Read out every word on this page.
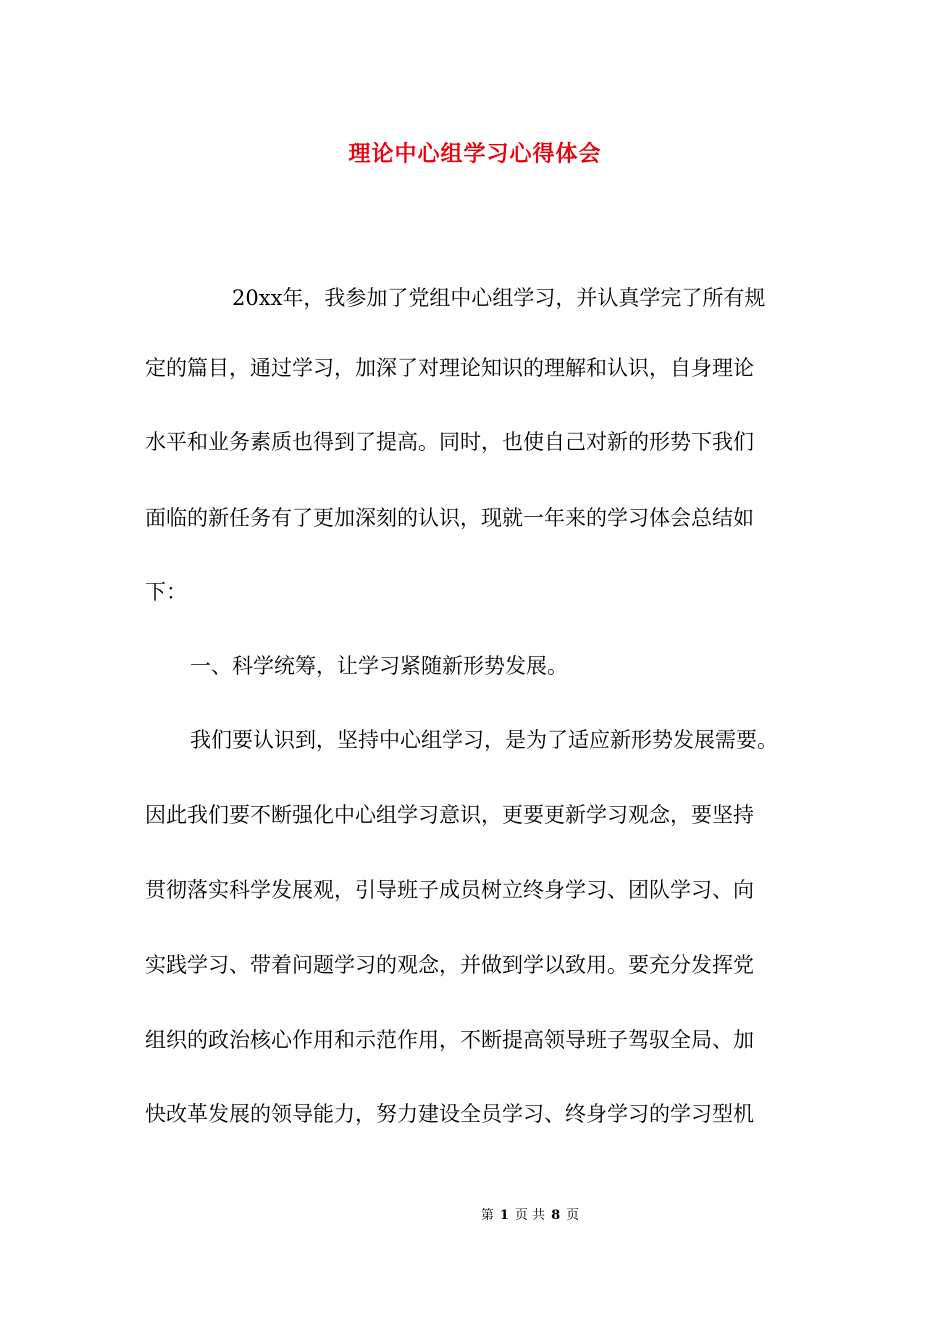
理论中心组学习心得体会
20xx年，我参加了党组中心组学习，并认真学完了所有规
定的篇目，通过学习，加深了对理论知识的理解和认识，自身理论
水平和业务素质也得到了提高。同时，也使自己对新的形势下我们
面临的新任务有了更加深刻的认识，现就一年来的学习体会总结如
下：
一、科学统筹，让学习紧随新形势发展。
我们要认识到，坚持中心组学习，是为了适应新形势发展需要。
因此我们要不断强化中心组学习意识，更要更新学习观念，要坚持
贯彻落实科学发展观，引导班子成员树立终身学习、团队学习、向
实践学习、带着问题学习的观念，并做到学以致用。要充分发挥党
组织的政治核心作用和示范作用，不断提高领导班子驾驭全局、加
快改革发展的领导能力，努力建设全员学习、终身学习的学习型机
第 1 页 共 8 页
